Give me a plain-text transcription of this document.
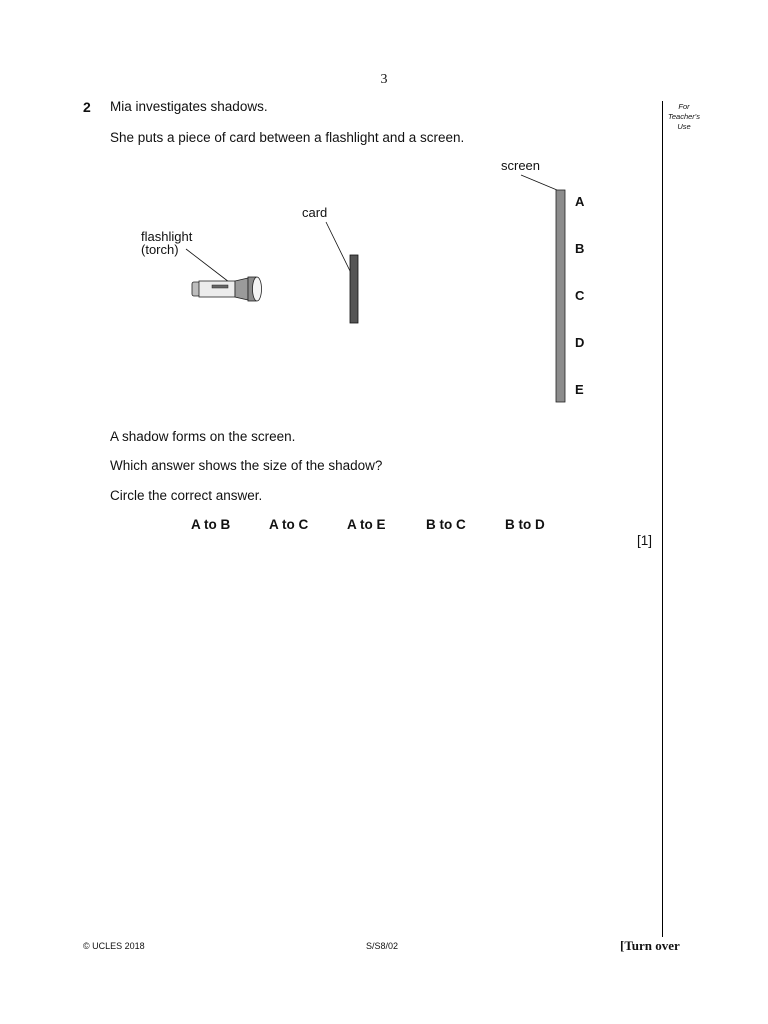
3
For
Teacher's
Use
2 Mia investigates shadows.
She puts a piece of card between a flashlight and a screen.
screen
A
B
C
D
E
card
flashlight
(torch)
A shadow forms on the screen.
Which answer shows the size of the shadow?
Circle the correct answer.
A to B	A to C	A to E	B to C	B to D
[1]
© UCLES 2018	S/S8/02	[Turn over
